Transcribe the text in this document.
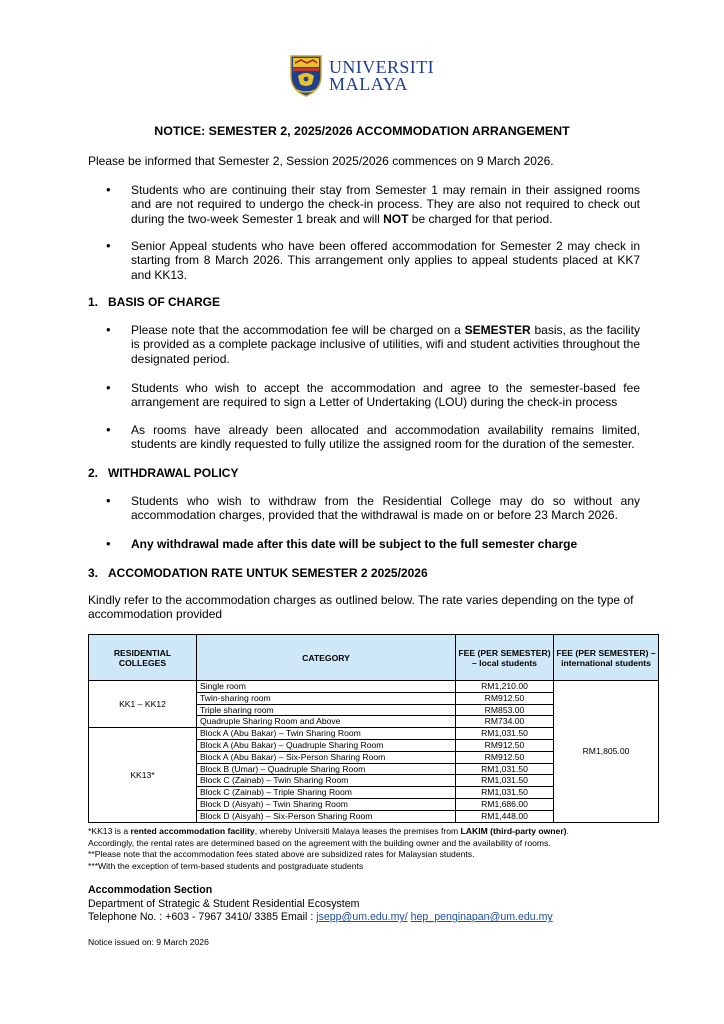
UNIVERSITI
MALAYA
NOTICE: SEMESTER 2, 2025/2026 ACCOMMODATION ARRANGEMENT
Please be informed that Semester 2, Session 2025/2026 commences on 9 March 2026.
• Students who are continuing their stay from Semester 1 may remain in their assigned rooms and are not required to undergo the check-in process. They are also not required to check out during the two-week Semester 1 break and will NOT be charged for that period.
• Senior Appeal students who have been offered accommodation for Semester 2 may check in starting from 8 March 2026. This arrangement only applies to appeal students placed at KK7 and KK13.
1. BASIS OF CHARGE
• Please note that the accommodation fee will be charged on a SEMESTER basis, as the facility is provided as a complete package inclusive of utilities, wifi and student activities throughout the designated period.
• Students who wish to accept the accommodation and agree to the semester-based fee arrangement are required to sign a Letter of Undertaking (LOU) during the check-in process
• As rooms have already been allocated and accommodation availability remains limited, students are kindly requested to fully utilize the assigned room for the duration of the semester.
2. WITHDRAWAL POLICY
• Students who wish to withdraw from the Residential College may do so without any accommodation charges, provided that the withdrawal is made on or before 23 March 2026.
• Any withdrawal made after this date will be subject to the full semester charge
3. ACCOMODATION RATE UNTUK SEMESTER 2 2025/2026
Kindly refer to the accommodation charges as outlined below. The rate varies depending on the type of accommodation provided
RESIDENTIAL COLLEGES	CATEGORY	FEE (PER SEMESTER) – local students	FEE (PER SEMESTER) – international students
KK1 – KK12	Single room	RM1,210.00	RM1,805.00
	Twin-sharing room	RM912.50	
	Triple sharing room	RM853.00	
	Quadruple Sharing Room and Above	RM734.00	
KK13*	Block A (Abu Bakar) – Twin Sharing Room	RM1,031.50	
	Block A (Abu Bakar) – Quadruple Sharing Room	RM912.50	
	Block A (Abu Bakar) – Six-Person Sharing Room	RM912.50	
	Block B (Umar) – Quadruple Sharing Room	RM1,031.50	
	Block C (Zainab) – Twin Sharing Room	RM1,031.50	
	Block C (Zainab) – Triple Sharing Room	RM1,031.50	
	Block D (Aisyah) – Twin Sharing Room	RM1,686.00	
	Block D (Aisyah) – Six-Person Sharing Room	RM1,448.00	
*KK13 is a rented accommodation facility, whereby Universiti Malaya leases the premises from LAKIM (third-party owner).
Accordingly, the rental rates are determined based on the agreement with the building owner and the availability of rooms.
**Please note that the accommodation fees stated above are subsidized rates for Malaysian students.
***With the exception of term-based students and postgraduate students
Accommodation Section
Department of Strategic & Student Residential Ecosystem
Telephone No. : +603 - 7967 3410/ 3385 Email : jsepp@um.edu.my/ hep_penginapan@um.edu.my
Notice issued on: 9 March 2026
